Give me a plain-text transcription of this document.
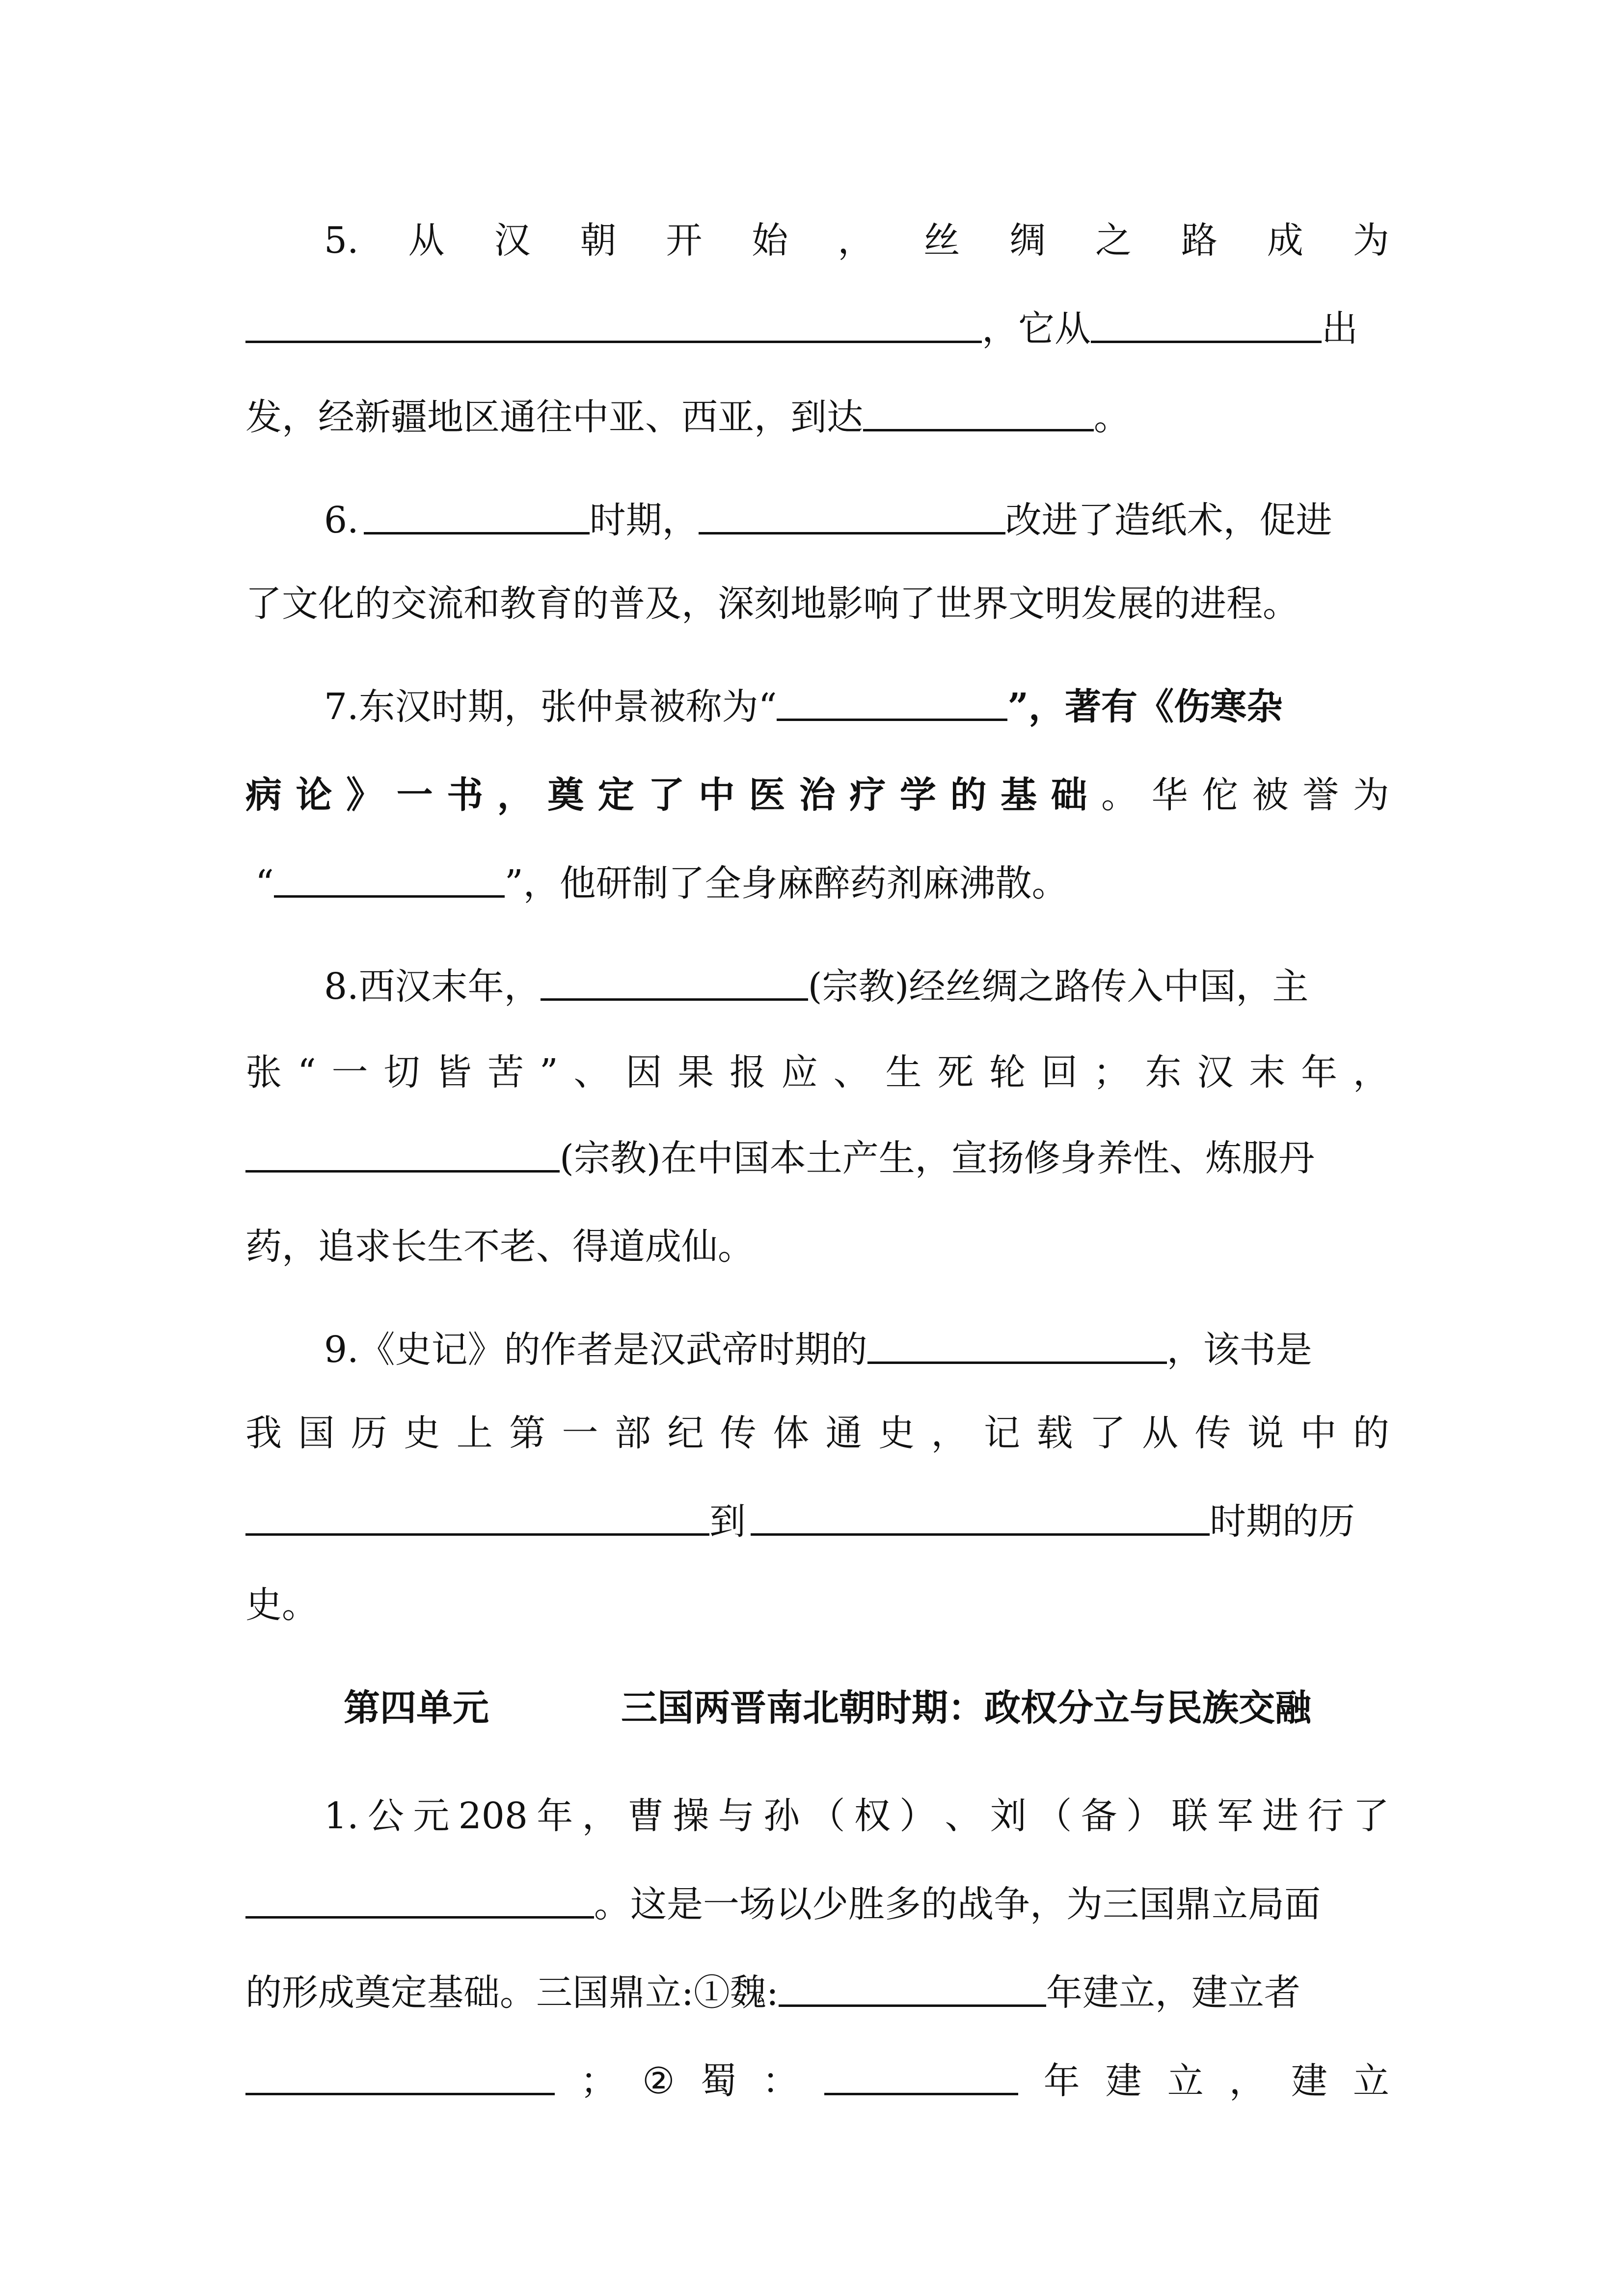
5. 从 汉 朝 开 始 ， 丝 绸 之 路 成 为
，它从	出
发，经新疆地区通往中亚、西亚，到达	。
6.	时期，	改进了造纸术，促进
了文化的交流和教育的普及，深刻地影响了世界文明发展的进程。
7.东汉时期，张仲景被称为“	”，著有《伤寒杂
病 论 》 一 书 ， 奠 定 了 中 医 治 疗 学 的 基 础 。 华 佗 被 誉 为
“	”，他研制了全身麻醉药剂麻沸散。
8.西汉末年，	(宗教)经丝绸之路传入中国，主
张 “ 一 切 皆 苦 ” 、 因 果 报 应 、 生 死 轮 回 ； 东 汉 末 年 ，
(宗教)在中国本土产生，宣扬修身养性、炼服丹
药，追求长生不老、得道成仙。
9.《史记》的作者是汉武帝时期的	，该书是
我 国 历 史 上 第 一 部 纪 传 体 通 史 ， 记 载 了 从 传 说 中 的
到	时期的历
史。
第四单元	三国两晋南北朝时期：政权分立与民族交融
1. 公 元 208 年 ， 曹 操 与 孙 （ 权 ） 、 刘 （ 备 ） 联 军 进 行 了
。这是一场以少胜多的战争，为三国鼎立局面
的形成奠定基础。三国鼎立:①魏:	年建立，建立者
； ② 蜀 ：	年 建 立 ， 建 立
